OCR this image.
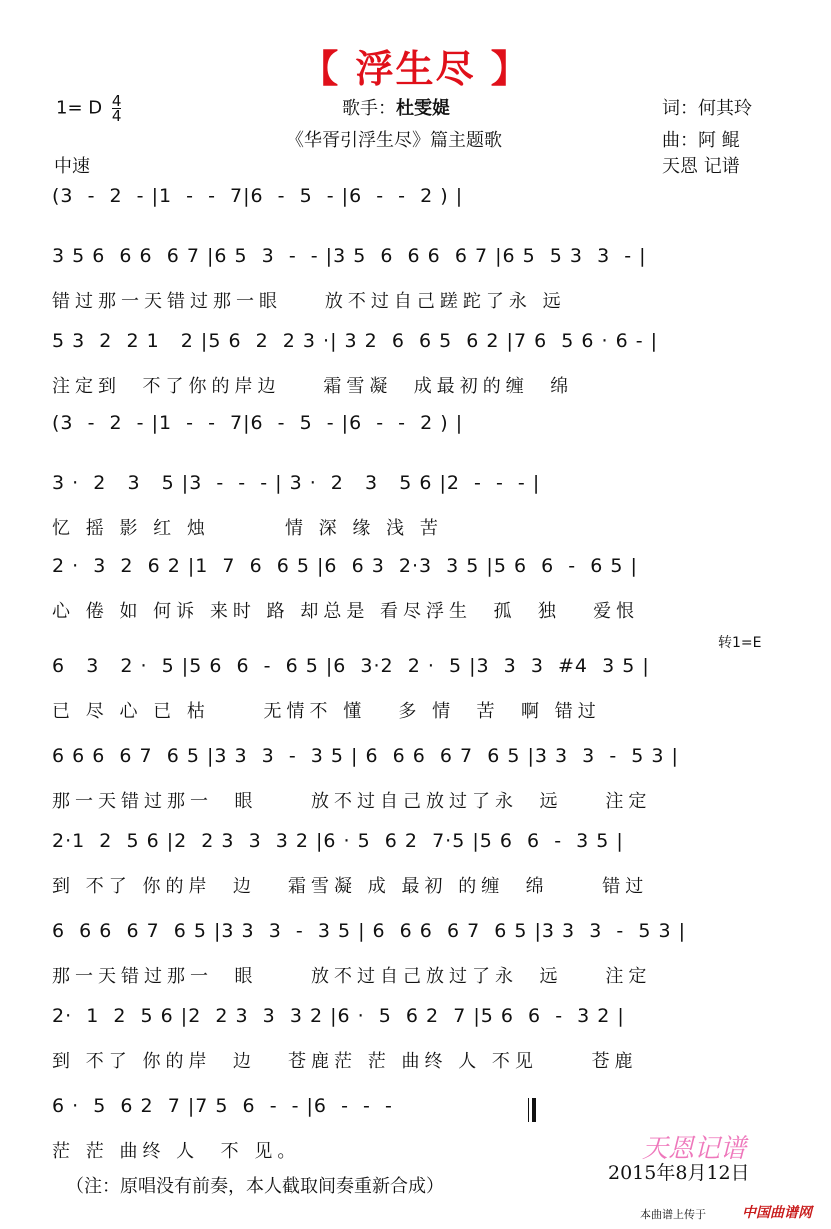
【 浮生尽 】
1= D $\frac{4}{4}$	歌手：杜雯媞
《华胥引浮生尽》篇主题歌
词：何其玲
曲：阿 鲲
中速	天恩 记谱
转1=E
(3  -  2  - |1  -  -  7|6  -  5  - |6  -  -  2 ) |
3 5 6  6 6  6 7 |6 5  3  -  - |3 5  6  6 6  6 7 |6 5  5 3  3  - |
错过那一天错过那一眼    放不过自己蹉跎了永 远
5 3  2  2 1   2 |5 6  2  2 3 ·| 3 2  6  6 5  6 2 |7 6  5 6 · 6 - |
注定到  不了你的岸边    霜雪凝  成最初的缠  绵
(3  -  2  - |1  -  -  7|6  -  5  - |6  -  -  2 ) |
3 ·  2   3   5 |3  -  -  - | 3 ·  2   3   5 6 |2  -  -  - |
忆 摇 影 红 烛       情 深 缘 浅 苦
2 ·  3  2  6 2 |1  7  6  6 5 |6  6 3  2·3  3 5 |5 6  6  -  6 5 |
心 倦 如 何诉 来时 路 却总是 看尽浮生  孤  独   爱恨
6   3   2 ·  5 |5 6  6  -  6 5 |6  3·2  2 ·  5 |3  3  3  #4  3 5 |
已 尽 心 已 枯     无情不 懂   多 情  苦  啊 错过
6 6 6  6 7  6 5 |3 3  3  -  3 5 | 6  6 6  6 7  6 5 |3 3  3  -  5 3 |
那一天错过那一  眼     放不过自己放过了永  远    注定
2·1  2  5 6 |2  2 3  3  3 2 |6 · 5  6 2  7·5 |5 6  6  -  3 5 |
到 不了 你的岸  边   霜雪凝 成 最初 的缠  绵     错过
6  6 6  6 7  6 5 |3 3  3  -  3 5 | 6  6 6  6 7  6 5 |3 3  3  -  5 3 |
那一天错过那一  眼     放不过自己放过了永  远    注定
2·  1  2  5 6 |2  2 3  3  3 2 |6 ·  5  6 2  7 |5 6  6  -  3 2 |
到 不了 你的岸  边   苍鹿茫 茫 曲终 人 不见     苍鹿
6 ·  5  6 2  7 |7 5  6  -  - |6  -  -  -
茫 茫 曲终 人  不 见。
（注：原唱没有前奏，本人截取间奏重新合成）
天恩记谱
2015年8月12日
本曲谱上传于	中国曲谱网
